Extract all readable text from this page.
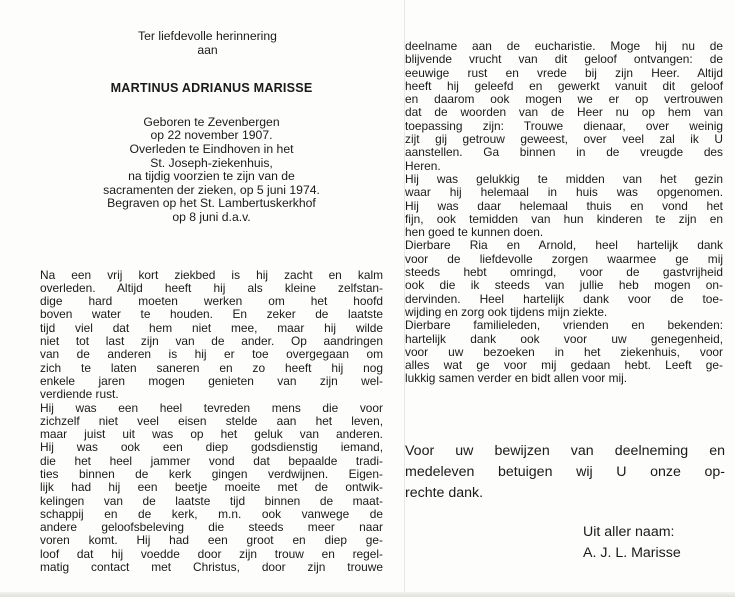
Ter liefdevolle herinnering
aan
MARTINUS ADRIANUS MARISSE
Geboren te Zevenbergen
op 22 november 1907.
Overleden te Eindhoven in het
St. Joseph-ziekenhuis,
na tijdig voorzien te zijn van de
sacramenten der zieken, op 5 juni 1974.
Begraven op het St. Lambertuskerkhof
op 8 juni d.a.v.
Na een vrij kort ziekbed is hij zacht en kalm
overleden. Altijd heeft hij als kleine zelfstan-
dige hard moeten werken om het hoofd
boven water te houden. En zeker de laatste
tijd viel dat hem niet mee, maar hij wilde
niet tot last zijn van de ander. Op aandringen
van de anderen is hij er toe overgegaan om
zich te laten saneren en zo heeft hij nog
enkele jaren mogen genieten van zijn wel-
verdiende rust.
Hij was een heel tevreden mens die voor
zichzelf niet veel eisen stelde aan het leven,
maar juist uit was op het geluk van anderen.
Hij was ook een diep godsdienstig iemand,
die het heel jammer vond dat bepaalde tradi-
ties binnen de kerk gingen verdwijnen. Eigen-
lijk had hij een beetje moeite met de ontwik-
kelingen van de laatste tijd binnen de maat-
schappij en de kerk, m.n. ook vanwege de
andere geloofsbeleving die steeds meer naar
voren komt. Hij had een groot en diep ge-
loof dat hij voedde door zijn trouw en regel-
matig contact met Christus, door zijn trouwe
deelname aan de eucharistie. Moge hij nu de
blijvende vrucht van dit geloof ontvangen: de
eeuwige rust en vrede bij zijn Heer. Altijd
heeft hij geleefd en gewerkt vanuit dit geloof
en daarom ook mogen we er op vertrouwen
dat de woorden van de Heer nu op hem van
toepassing zijn: Trouwe dienaar, over weinig
zijt gij getrouw geweest, over veel zal ik U
aanstellen. Ga binnen in de vreugde des
Heren.
Hij was gelukkig te midden van het gezin
waar hij helemaal in huis was opgenomen.
Hij was daar helemaal thuis en vond het
fijn, ook temidden van hun kinderen te zijn en
hen goed te kunnen doen.
Dierbare Ria en Arnold, heel hartelijk dank
voor de liefdevolle zorgen waarmee ge mij
steeds hebt omringd, voor de gastvrijheid
ook die ik steeds van jullie heb mogen on-
dervinden. Heel hartelijk dank voor de toe-
wijding en zorg ook tijdens mijn ziekte.
Dierbare familieleden, vrienden en bekenden:
hartelijk dank ook voor uw genegenheid,
voor uw bezoeken in het ziekenhuis, voor
alles wat ge voor mij gedaan hebt. Leeft ge-
lukkig samen verder en bidt allen voor mij.
Voor uw bewijzen van deelneming en
medeleven betuigen wij U onze op-
rechte dank.
Uit aller naam:
A. J. L. Marisse
